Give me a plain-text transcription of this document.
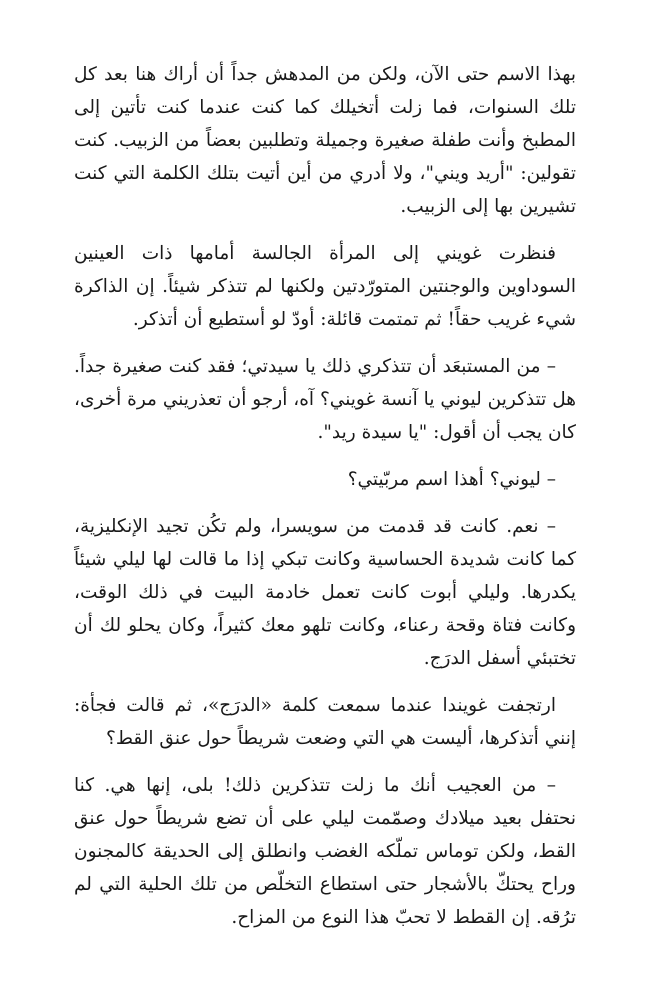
بهذا الاسم حتى الآن، ولكن من المدهش جداً أن أراك هنا بعد كل تلك السنوات، فما زلت أتخيلك كما كنت عندما كنت تأتين إلى المطبخ وأنت طفلة صغيرة وجميلة وتطلبين بعضاً من الزبيب. كنت تقولين: "أريد ويني"، ولا أدري من أين أتيت بتلك الكلمة التي كنت تشيرين بها إلى الزبيب.

فنظرت غويني إلى المرأة الجالسة أمامها ذات العينين السوداوين والوجنتين المتورّدتين ولكنها لم تتذكر شيئاً. إن الذاكرة شيء غريب حقاً! ثم تمتمت قائلة: أودّ لو أستطيع أن أتذكر.

– من المستبعَد أن تتذكري ذلك يا سيدتي؛ فقد كنت صغيرة جداً. هل تتذكرين ليوني يا آنسة غويني؟ آه، أرجو أن تعذريني مرة أخرى، كان يجب أن أقول: "يا سيدة ريد".

– ليوني؟ أهذا اسم مربّيتي؟

– نعم. كانت قد قدمت من سويسرا، ولم تكُن تجيد الإنكليزية، كما كانت شديدة الحساسية وكانت تبكي إذا ما قالت لها ليلي شيئاً يكدرها. وليلي أبوت كانت تعمل خادمة البيت في ذلك الوقت، وكانت فتاة وقحة رعناء، وكانت تلهو معك كثيراً، وكان يحلو لك أن تختبئي أسفل الدرَج.

ارتجفت غويندا عندما سمعت كلمة «الدرَج»، ثم قالت فجأة: إنني أتذكرها، أليست هي التي وضعت شريطاً حول عنق القط؟

– من العجيب أنك ما زلت تتذكرين ذلك! بلى، إنها هي. كنا نحتفل بعيد ميلادك وصمّمت ليلي على أن تضع شريطاً حول عنق القط، ولكن توماس تملّكه الغضب وانطلق إلى الحديقة كالمجنون وراح يحتكّ بالأشجار حتى استطاع التخلّص من تلك الحلية التي لم ترُقه. إن القطط لا تحبّ هذا النوع من المزاح.
